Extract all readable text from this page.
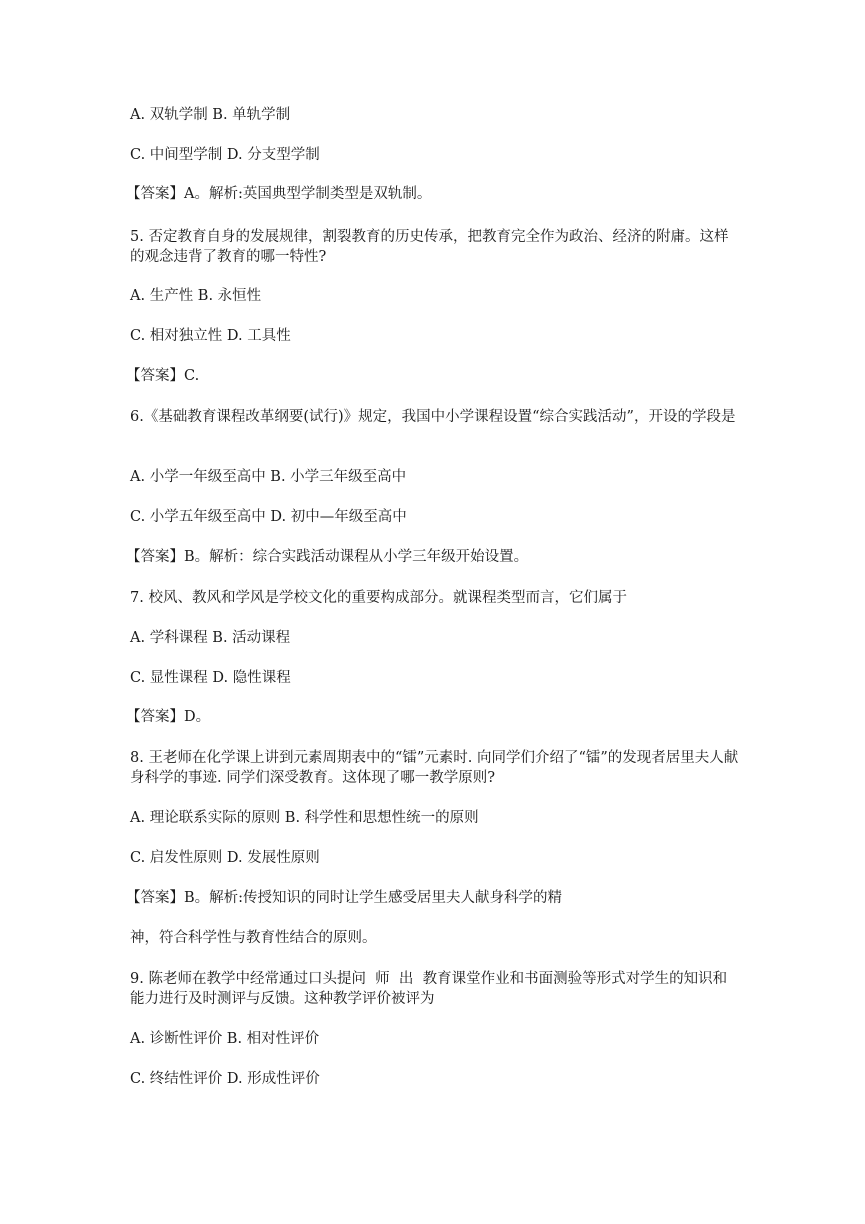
A. 双轨学制 B. 单轨学制
C. 中间型学制 D. 分支型学制
【答案】A。解析:英国典型学制类型是双轨制。
5. 否定教育自身的发展规律，割裂教育的历史传承，把教育完全作为政治、经济的附庸。这样的观念违背了教育的哪一特性?
A. 生产性 B. 永恒性
C. 相对独立性 D. 工具性
【答案】C.
6.《基础教育课程改革纲要(试行)》规定，我国中小学课程设置“综合实践活动”，开设的学段是
A. 小学一年级至高中 B. 小学三年级至高中
C. 小学五年级至高中 D. 初中—年级至高中
【答案】B。解析：综合实践活动课程从小学三年级开始设置。
7. 校风、教风和学风是学校文化的重要构成部分。就课程类型而言，它们属于
A. 学科课程 B. 活动课程
C. 显性课程 D. 隐性课程
【答案】D。
8. 王老师在化学课上讲到元素周期表中的“镭”元素时. 向同学们介绍了“镭”的发现者居里夫人献身科学的事迹. 同学们深受教育。这体现了哪一教学原则?
A. 理论联系实际的原则 B. 科学性和思想性统一的原则
C. 启发性原则 D. 发展性原则
【答案】B。解析:传授知识的同时让学生感受居里夫人献身科学的精
神，符合科学性与教育性结合的原则。
9. 陈老师在教学中经常通过口头提问  师  出  教育课堂作业和书面测验等形式对学生的知识和能力进行及时测评与反馈。这种教学评价被评为
A. 诊断性评价 B. 相对性评价
C. 终结性评价 D. 形成性评价
